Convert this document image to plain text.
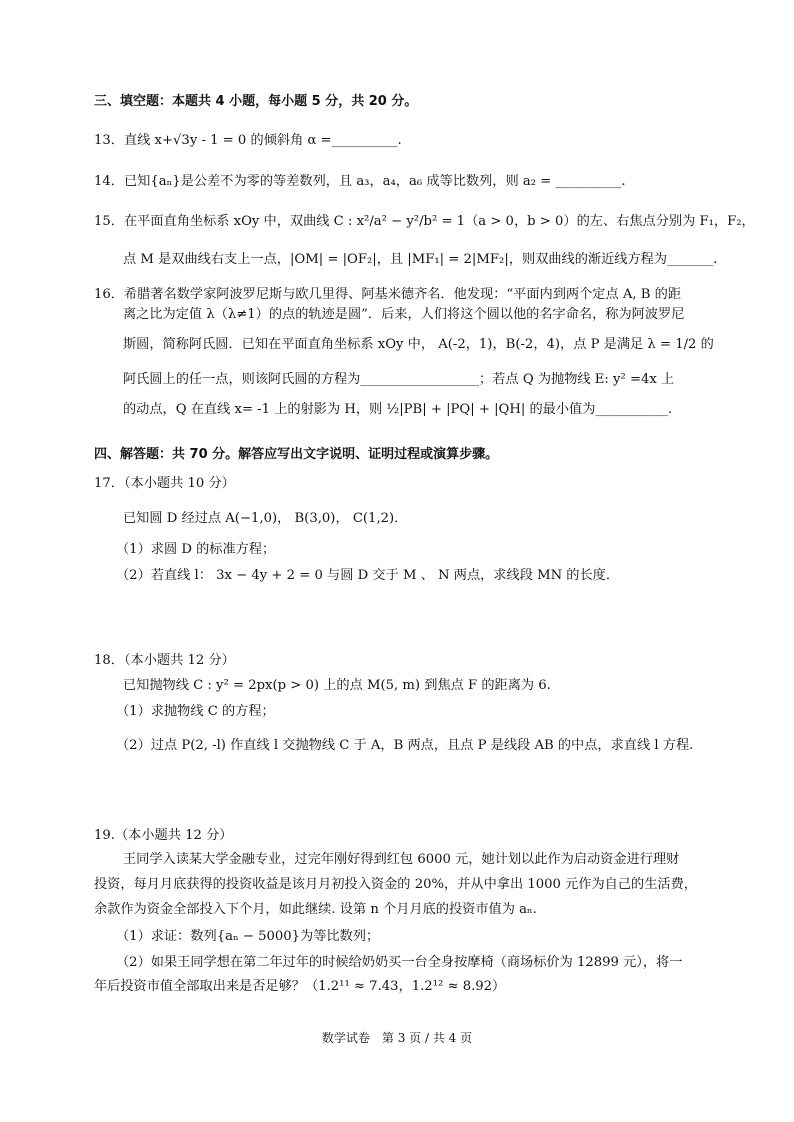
三、填空题：本题共 4 小题，每小题 5 分，共 20 分。
13．直线 x+√3y - 1 = 0 的倾斜角 α =__________.
14．已知{aₙ}是公差不为零的等差数列，且 a₃，a₄，a₆ 成等比数列，则 a₂ = __________.
15．在平面直角坐标系 xOy 中，双曲线 C : x²/a² − y²/b² = 1（a > 0，b > 0）的左、右焦点分别为 F₁，F₂，
点 M 是双曲线右支上一点，|OM| = |OF₂|，且 |MF₁| = 2|MF₂|，则双曲线的渐近线方程为_______.
16．希腊著名数学家阿波罗尼斯与欧几里得、阿基米德齐名．他发现：“平面内到两个定点 A, B 的距
离之比为定值 λ（λ≠1）的点的轨迹是圆”．后来，人们将这个圆以他的名字命名，称为阿波罗尼
斯圆，简称阿氏圆．已知在平面直角坐标系 xOy 中， A(-2，1)，B(-2，4)，点 P 是满足 λ = 1/2 的
阿氏圆上的任一点，则该阿氏圆的方程为__________________；若点 Q 为抛物线 E: y² =4x 上
的动点，Q 在直线 x= -1 上的射影为 H，则 ½|PB| + |PQ| + |QH| 的最小值为___________.
四、解答题：共 70 分。解答应写出文字说明、证明过程或演算步骤。
17．（本小题共 10 分）
已知圆 D 经过点 A(−1,0)， B(3,0)， C(1,2)．
（1）求圆 D 的标准方程；
（2）若直线 l： 3x − 4y + 2 = 0 与圆 D 交于 M 、 N 两点，求线段 MN 的长度．
18．（本小题共 12 分）
已知抛物线 C : y² = 2px(p > 0) 上的点 M(5, m) 到焦点 F 的距离为 6.
（1）求抛物线 C 的方程；
（2）过点 P(2, -l) 作直线 l 交抛物线 C 于 A，B 两点，且点 P 是线段 AB 的中点，求直线 l 方程.
19.（本小题共 12 分）
王同学入读某大学金融专业，过完年刚好得到红包 6000 元，她计划以此作为启动资金进行理财
投资，每月月底获得的投资收益是该月月初投入资金的 20%，并从中拿出 1000 元作为自己的生活费，
余款作为资金全部投入下个月，如此继续. 设第 n 个月月底的投资市值为 aₙ.
（1）求证：数列{aₙ − 5000}为等比数列；
（2）如果王同学想在第二年过年的时候给奶奶买一台全身按摩椅（商场标价为 12899 元），将一
年后投资市值全部取出来是否足够？（1.2¹¹ ≈ 7.43，1.2¹² ≈ 8.92）
数学试卷　第 3 页 / 共 4 页
